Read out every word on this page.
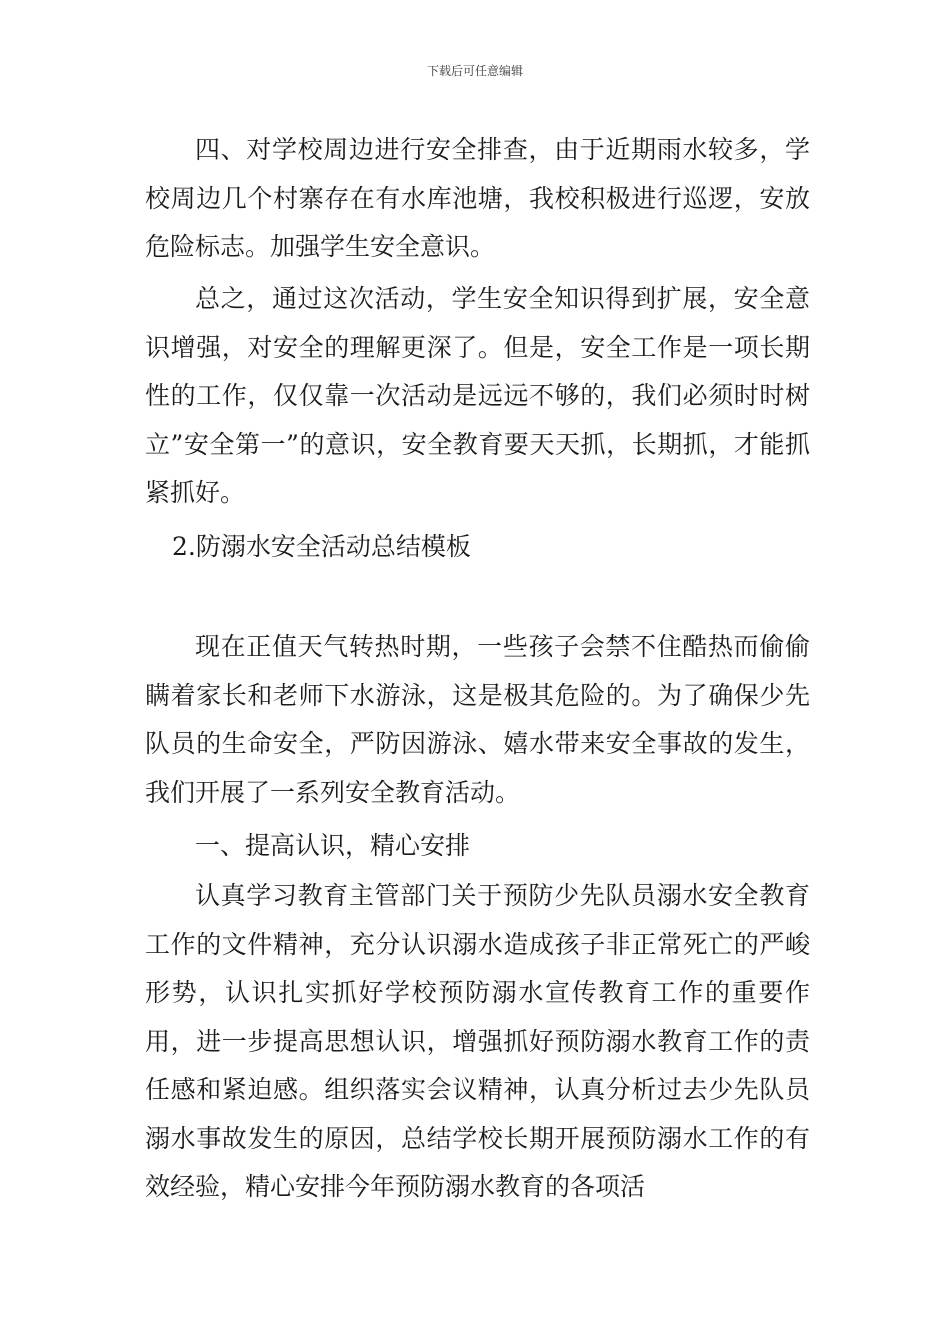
下载后可任意编辑

四、对学校周边进行安全排查，由于近期雨水较多，学校周边几个村寨存在有水库池塘，我校积极进行巡逻，安放危险标志。加强学生安全意识。

总之，通过这次活动，学生安全知识得到扩展，安全意识增强，对安全的理解更深了。但是，安全工作是一项长期性的工作，仅仅靠一次活动是远远不够的，我们必须时时树立”安全第一”的意识，安全教育要天天抓，长期抓，才能抓紧抓好。

2.防溺水安全活动总结模板

现在正值天气转热时期，一些孩子会禁不住酷热而偷偷瞒着家长和老师下水游泳，这是极其危险的。为了确保少先队员的生命安全，严防因游泳、嬉水带来安全事故的发生，我们开展了一系列安全教育活动。

一、提高认识，精心安排

认真学习教育主管部门关于预防少先队员溺水安全教育工作的文件精神，充分认识溺水造成孩子非正常死亡的严峻形势，认识扎实抓好学校预防溺水宣传教育工作的重要作用，进一步提高思想认识，增强抓好预防溺水教育工作的责任感和紧迫感。组织落实会议精神，认真分析过去少先队员溺水事故发生的原因，总结学校长期开展预防溺水工作的有效经验，精心安排今年预防溺水教育的各项活
